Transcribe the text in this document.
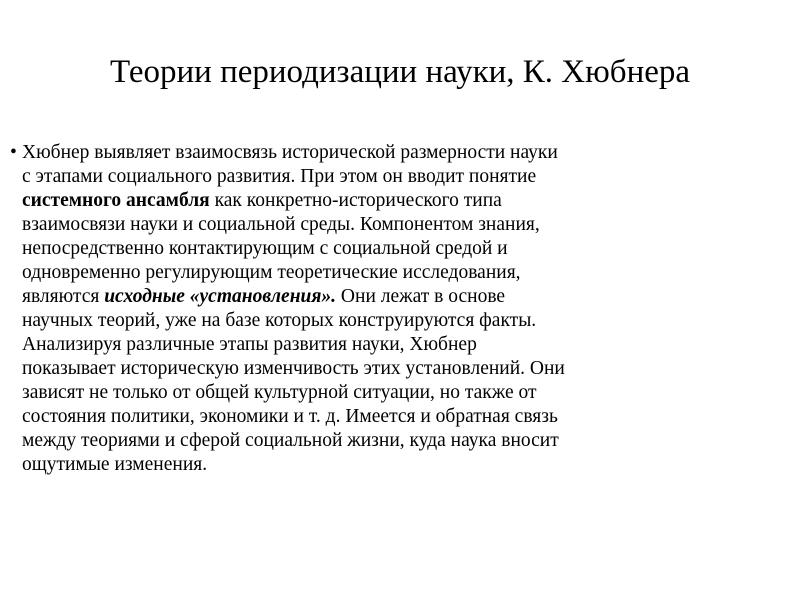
Теории периодизации науки, К. Хюбнера
• Хюбнер выявляет взаимосвязь исторической размерности науки
с этапами социального развития. При этом он вводит понятие
системного ансамбля как конкретно-исторического типа
взаимосвязи науки и социальной среды. Компонентом знания,
непосредственно контактирующим с социальной средой и
одновременно регулирующим теоретические исследования,
являются исходные «установления». Они лежат в основе
научных теорий, уже на базе которых конструируются факты.
Анализируя различные этапы развития науки, Хюбнер
показывает историческую изменчивость этих установлений. Они
зависят не только от общей культурной ситуации, но также от
состояния политики, экономики и т. д. Имеется и обратная связь
между теориями и сферой социальной жизни, куда наука вносит
ощутимые изменения.
